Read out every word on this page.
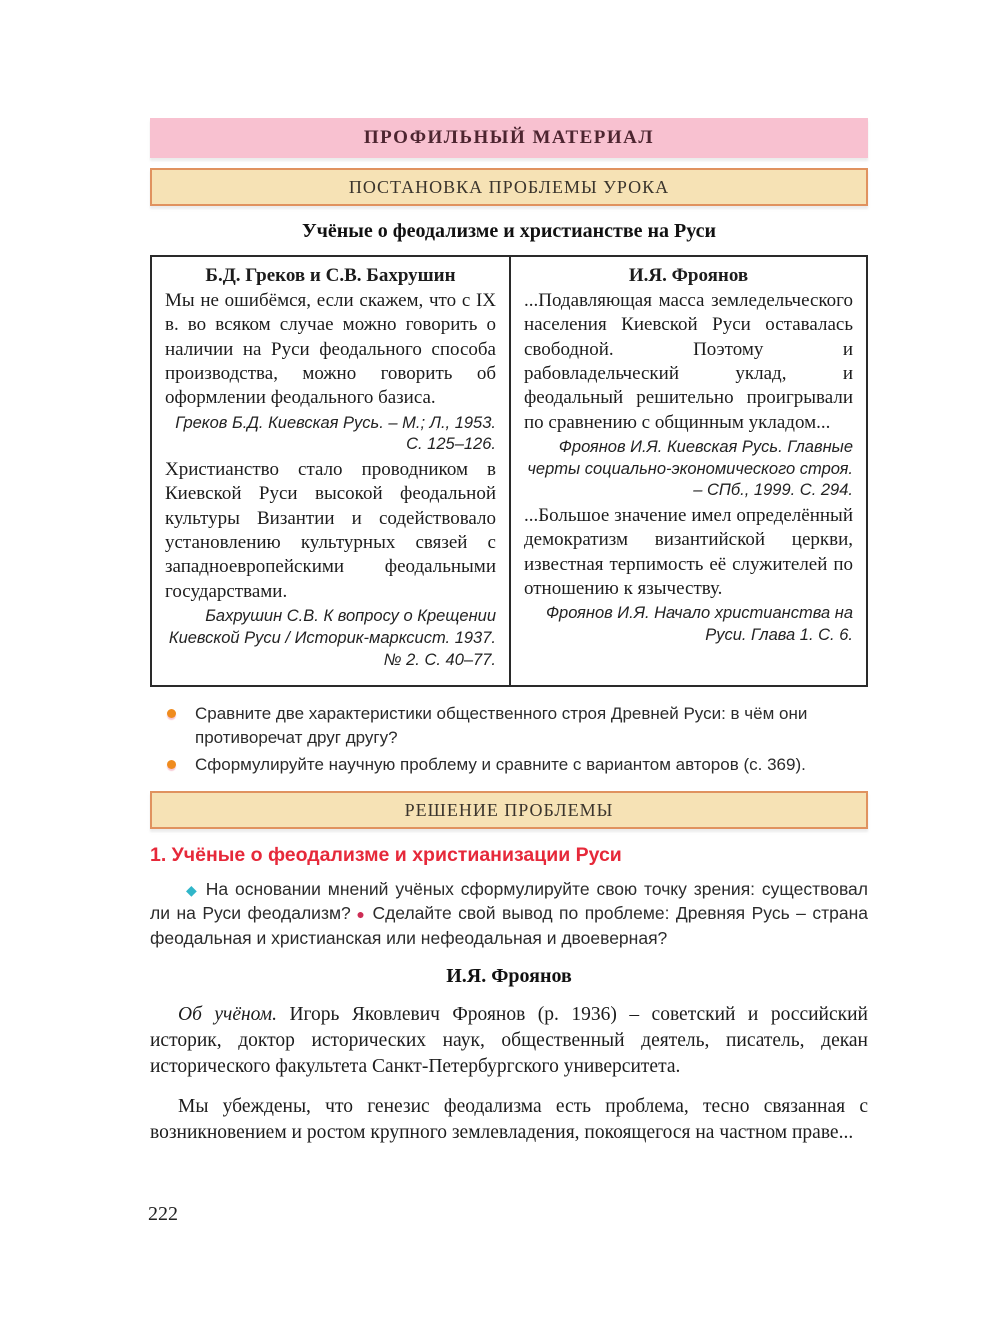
ПРОФИЛЬНЫЙ МАТЕРИАЛ
ПОСТАНОВКА ПРОБЛЕМЫ УРОКА
Учёные о феодализме и христианстве на Руси
Б.Д. Греков и С.В. Бахрушин
Мы не ошибёмся, если скажем, что с IX в. во всяком случае можно говорить о наличии на Руси феодального способа производства, можно говорить об оформлении феодального базиса.
Греков Б.Д. Киевская Русь. – М.; Л., 1953. С. 125–126.
Христианство стало проводником в Киевской Руси высокой феодальной культуры Византии и содействовало установлению культурных связей с западноевропейскими феодальными государствами.
Бахрушин С.В. К вопросу о Крещении Киевской Руси / Историк-марксист. 1937. № 2. С. 40–77.
И.Я. Фроянов
...Подавляющая масса земледельческого населения Киевской Руси оставалась свободной. Поэтому и рабовладельческий уклад, и феодальный решительно проигрывали по сравнению с общинным укладом...
Фроянов И.Я. Киевская Русь. Главные черты социально-экономического строя. – СПб., 1999. С. 294.
...Большое значение имел определённый демократизм византийской церкви, известная терпимость её служителей по отношению к язычеству.
Фроянов И.Я. Начало христианства на Руси. Глава 1. С. 6.
Сравните две характеристики общественного строя Древней Руси: в чём они противоречат друг другу?
Сформулируйте научную проблему и сравните с вариантом авторов (с. 369).
РЕШЕНИЕ ПРОБЛЕМЫ
1. Учёные о феодализме и христианизации Руси

◆ На основании мнений учёных сформулируйте свою точку зрения: существовал ли на Руси феодализм? ● Сделайте свой вывод по проблеме: Древняя Русь – страна феодальная и христианская или нефеодальная и двоеверная?

И.Я. Фроянов

Об учёном. Игорь Яковлевич Фроянов (р. 1936) – советский и российский историк, доктор исторических наук, общественный деятель, писатель, декан исторического факультета Санкт-Петербургского университета.

Мы убеждены, что генезис феодализма есть проблема, тесно связанная с возникновением и ростом крупного землевладения, покоящегося на частном праве...

222
